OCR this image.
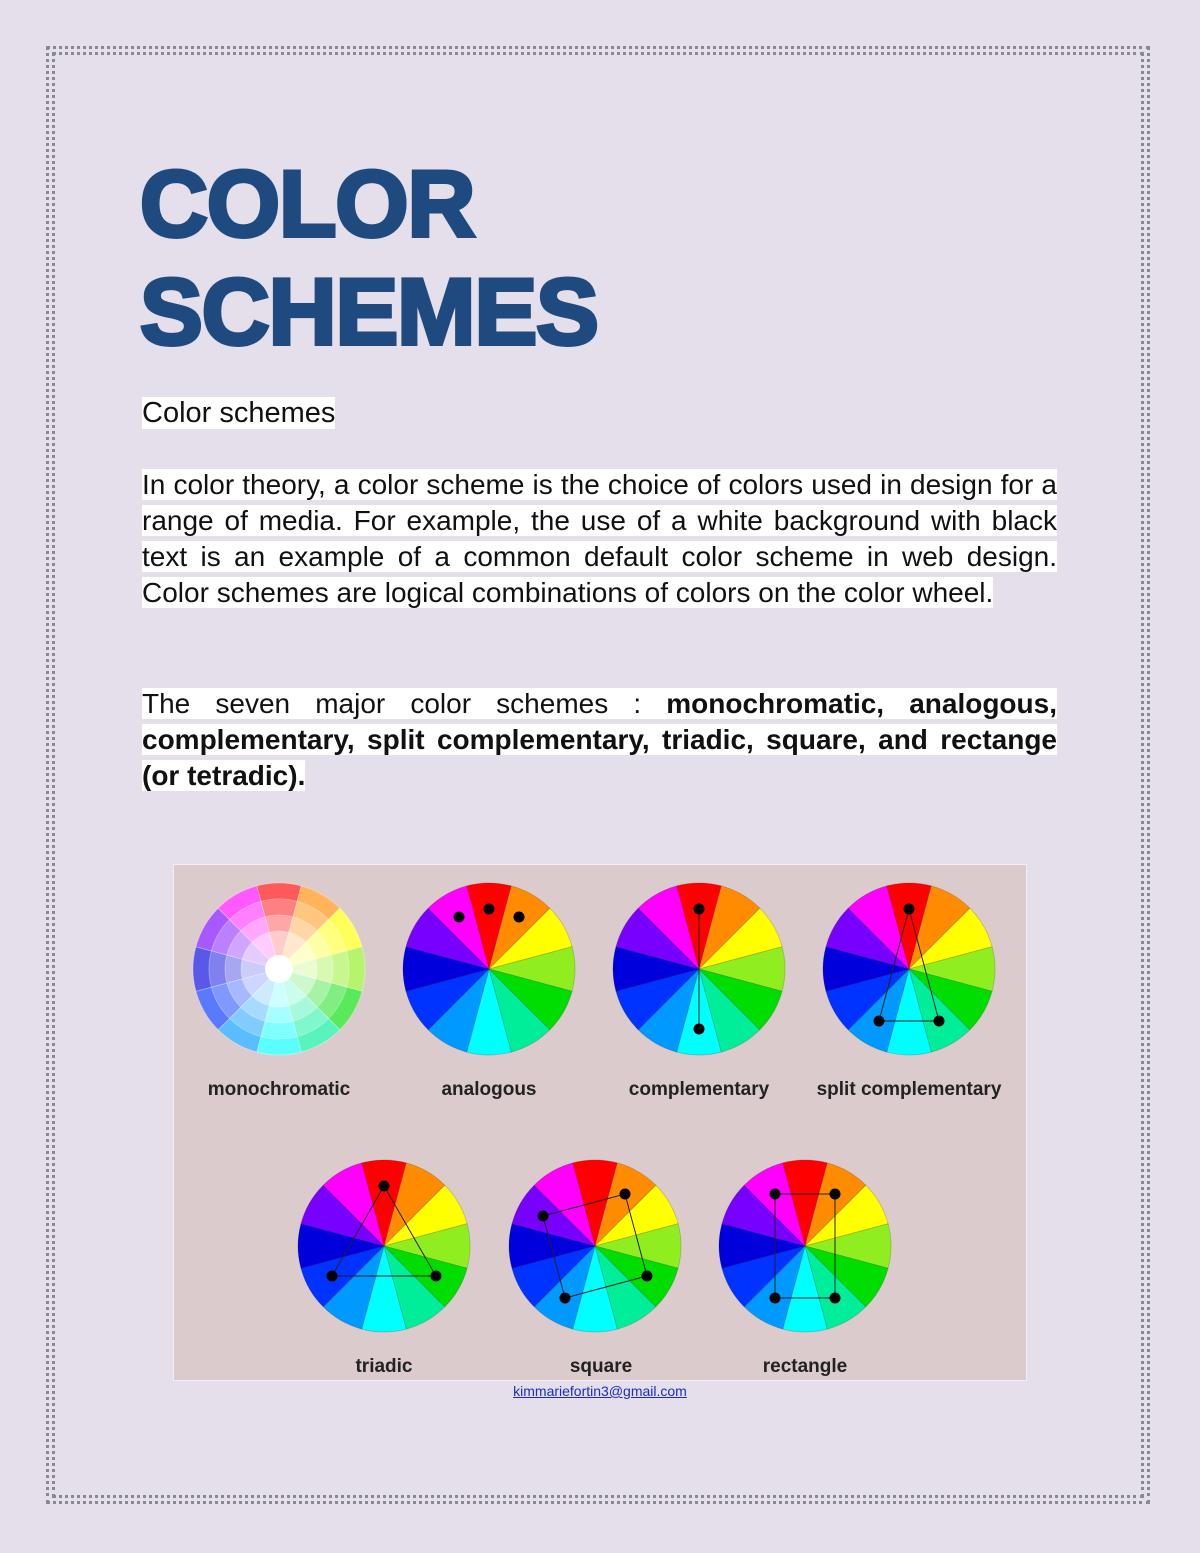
COLOR
SCHEMES
Color schemes

In color theory, a color scheme is the choice of colors used in design for a range of media. For example, the use of a white background with black text is an example of a common default color scheme in web design. Color schemes are logical combinations of colors on the color wheel.

The seven major color schemes : monochromatic, analogous, complementary, split complementary, triadic, square, and rectange (or tetradic).

monochromatic	analogous	complementary	split complementary
triadic	square	rectangle
kimmariefortin3@gmail.com
